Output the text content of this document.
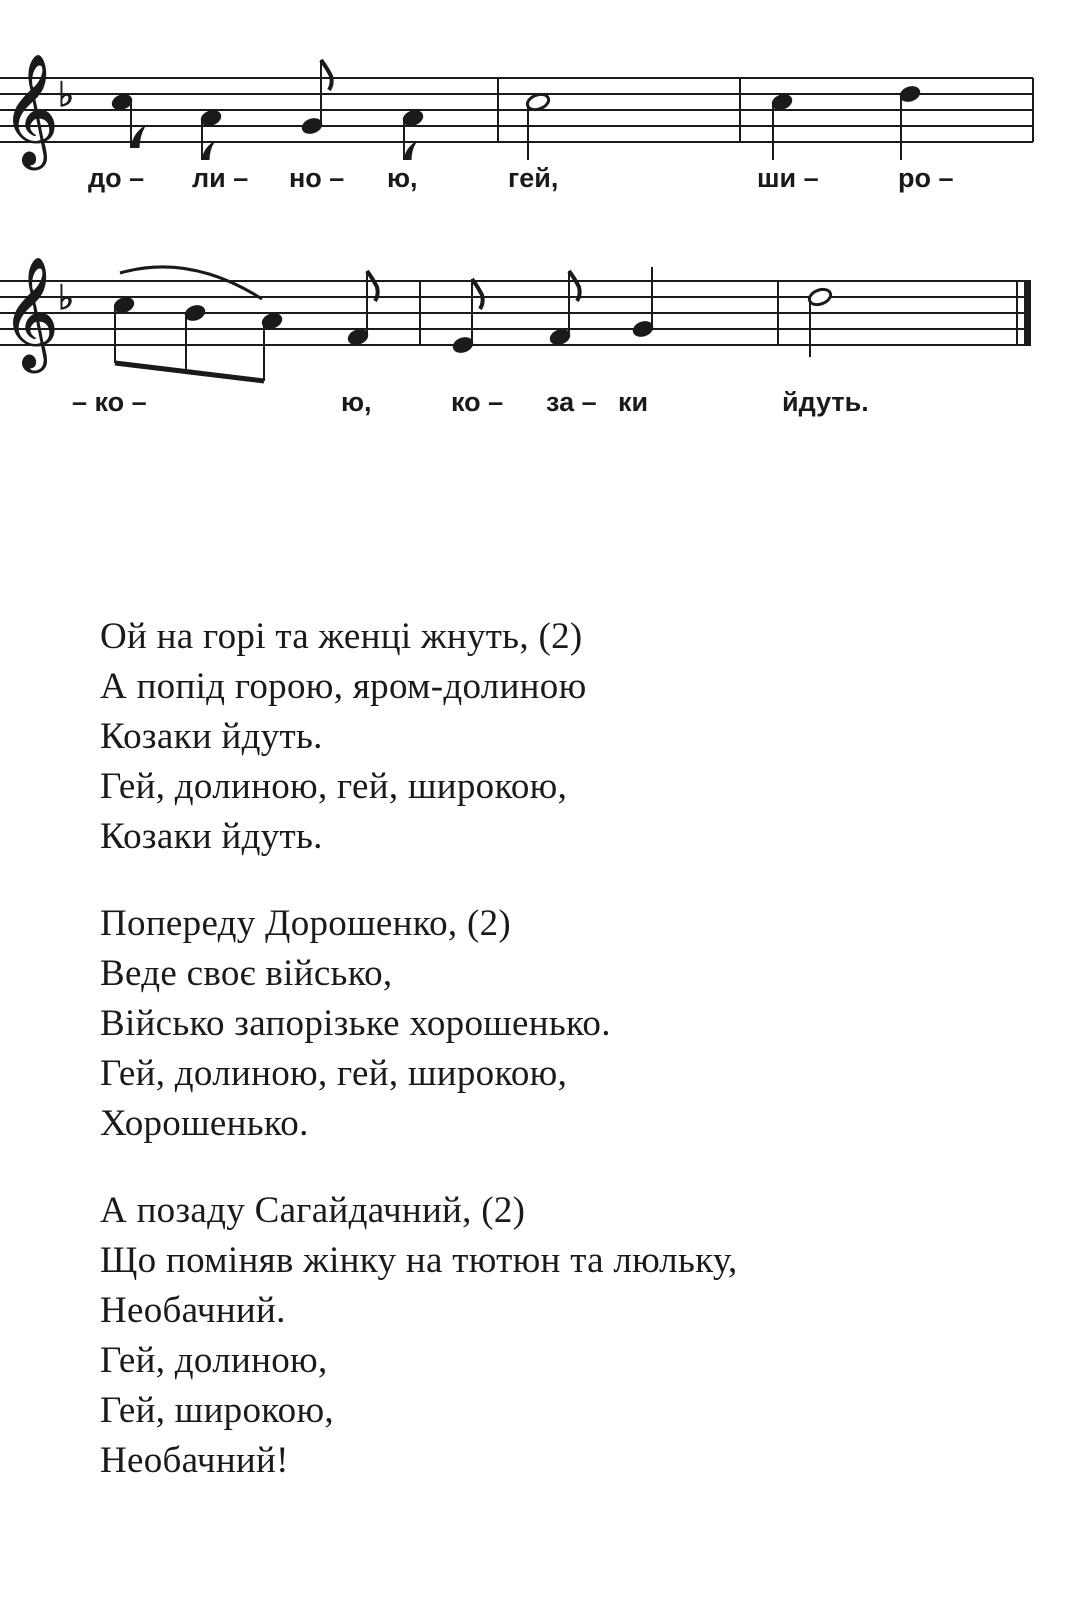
𝄞 ♭
до – ли – но – ю,	гей,	ши –	ро –
𝄞 ♭
– ко –	ю,	ко – за – ки	йдуть.
Ой на горі та женці жнуть, (2)
А попід горою, яром-долиною
Козаки йдуть.
Гей, долиною, гей, широкою,
Козаки йдуть.
Попереду Дорошенко, (2)
Веде своє військо,
Військо запорізьке хорошенько.
Гей, долиною, гей, широкою,
Хорошенько.
А позаду Сагайдачний, (2)
Що поміняв жінку на тютюн та люльку,
Необачний.
Гей, долиною,
Гей, широкою,
Необачний!
